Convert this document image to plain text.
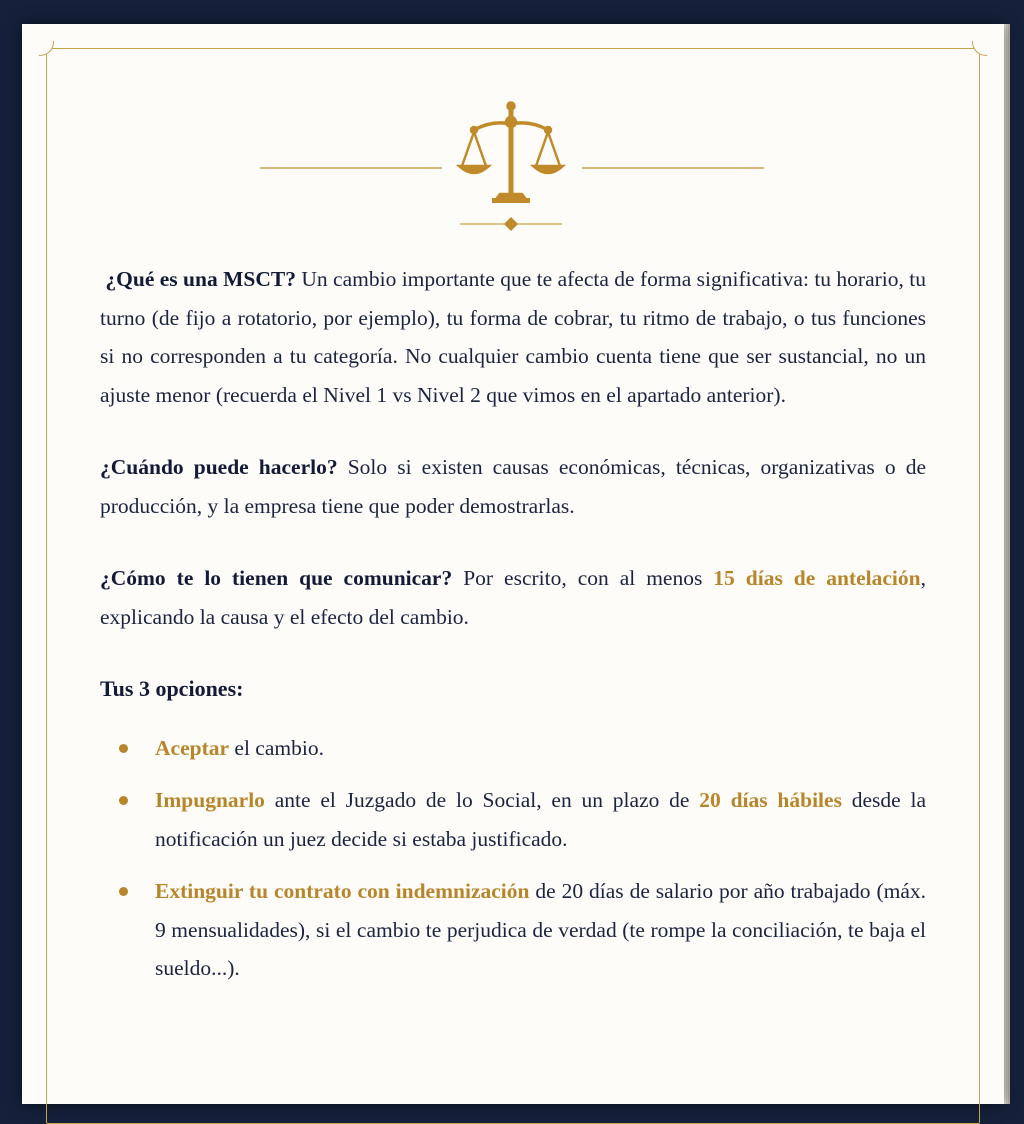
¿Qué es una MSCT? Un cambio importante que te afecta de forma significativa: tu horario, tu turno (de fijo a rotatorio, por ejemplo), tu forma de cobrar, tu ritmo de trabajo, o tus funciones si no corresponden a tu categoría. No cualquier cambio cuenta tiene que ser sustancial, no un ajuste menor (recuerda el Nivel 1 vs Nivel 2 que vimos en el apartado anterior).

¿Cuándo puede hacerlo? Solo si existen causas económicas, técnicas, organizativas o de producción, y la empresa tiene que poder demostrarlas.

¿Cómo te lo tienen que comunicar? Por escrito, con al menos 15 días de antelación, explicando la causa y el efecto del cambio.

Tus 3 opciones:
Aceptar el cambio.
Impugnarlo ante el Juzgado de lo Social, en un plazo de 20 días hábiles desde la notificación un juez decide si estaba justificado.
Extinguir tu contrato con indemnización de 20 días de salario por año trabajado (máx. 9 mensualidades), si el cambio te perjudica de verdad (te rompe la conciliación, te baja el sueldo...).
